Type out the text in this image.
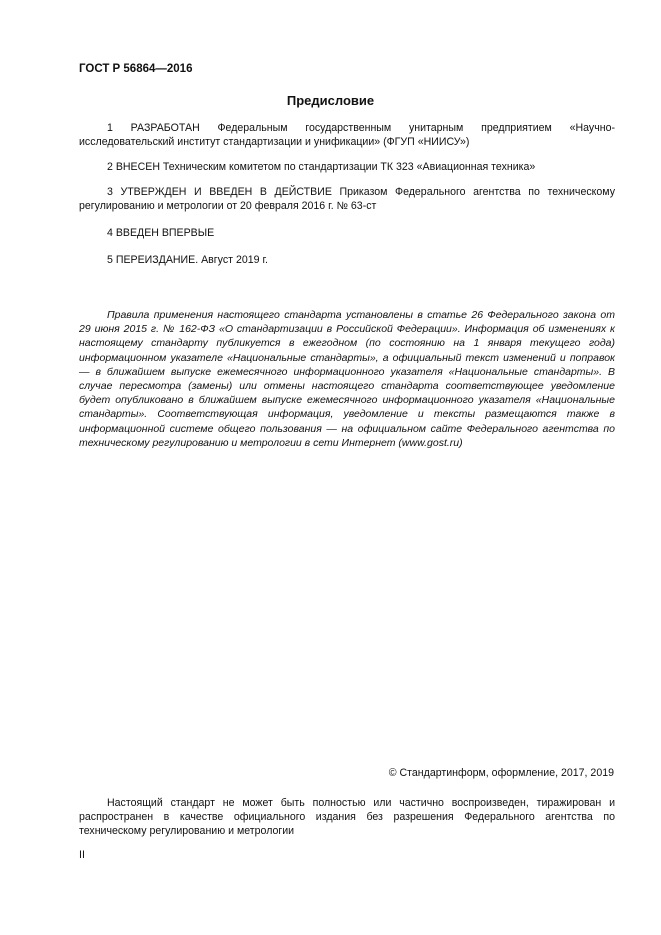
ГОСТ Р 56864—2016
Предисловие
1 РАЗРАБОТАН Федеральным государственным унитарным предприятием «Научно-исследовательский институт стандартизации и унификации» (ФГУП «НИИСУ»)
2 ВНЕСЕН Техническим комитетом по стандартизации ТК 323 «Авиационная техника»
3 УТВЕРЖДЕН И ВВЕДЕН В ДЕЙСТВИЕ Приказом Федерального агентства по техническому регулированию и метрологии от 20 февраля 2016 г. № 63-ст
4 ВВЕДЕН ВПЕРВЫЕ
5 ПЕРЕИЗДАНИЕ. Август 2019 г.
Правила применения настоящего стандарта установлены в статье 26 Федерального закона от 29 июня 2015 г. № 162-ФЗ «О стандартизации в Российской Федерации». Информация об изменениях к настоящему стандарту публикуется в ежегодном (по состоянию на 1 января текущего года) информационном указателе «Национальные стандарты», а официальный текст изменений и поправок — в ближайшем выпуске ежемесячного информационного указателя «Национальные стандарты». В случае пересмотра (замены) или отмены настоящего стандарта соответствующее уведомление будет опубликовано в ближайшем выпуске ежемесячного информационного указателя «Национальные стандарты». Соответствующая информация, уведомление и тексты размещаются также в информационной системе общего пользования — на официальном сайте Федерального агентства по техническому регулированию и метрологии в сети Интернет (www.gost.ru)
© Стандартинформ, оформление, 2017, 2019
Настоящий стандарт не может быть полностью или частично воспроизведен, тиражирован и распространен в качестве официального издания без разрешения Федерального агентства по техническому регулированию и метрологии
II
